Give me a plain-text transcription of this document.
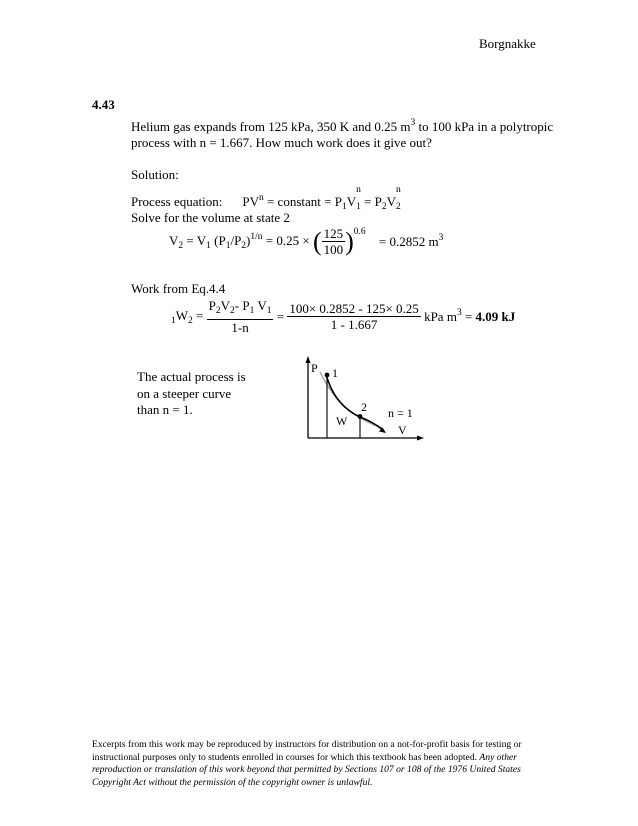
Borgnakke
4.43
Helium gas expands from 125 kPa, 350 K and 0.25 $m^3$ to 100 kPa in a polytropic
process with n = 1.667. How much work does it give out?
Solution:
Process equation: $PV^n$ = constant = $P_1V_1$
n
= $P_2V_2$
n
Solve for the volume at state 2
$V_2 = V_1$ $(P_1/P_2)^{1/n} = 0.25$ × ( $\frac{125}{100} )0.6 = 0.2852$ $m^3$
Work from Eq.4.4
$_1W_2 = \frac{P_2V_2- P_1 V_1}{1-n} = \frac{100\times 0.2852 - 125\times 0.25}{1 - 1.667}$ kPa $m^3 = 4.09$ kJ
The actual process is
on a steeper curve
than n = 1.
P 1
2
W
n = 1
V
Excerpts from this work may be reproduced by instructors for distribution on a not-for-profit basis for testing or instructional purposes only to students enrolled in courses for which this textbook has been adopted. Any other reproduction or translation of this work beyond that permitted by Sections 107 or 108 of the 1976 United States Copyright Act without the permission of the copyright owner is unlawful.
